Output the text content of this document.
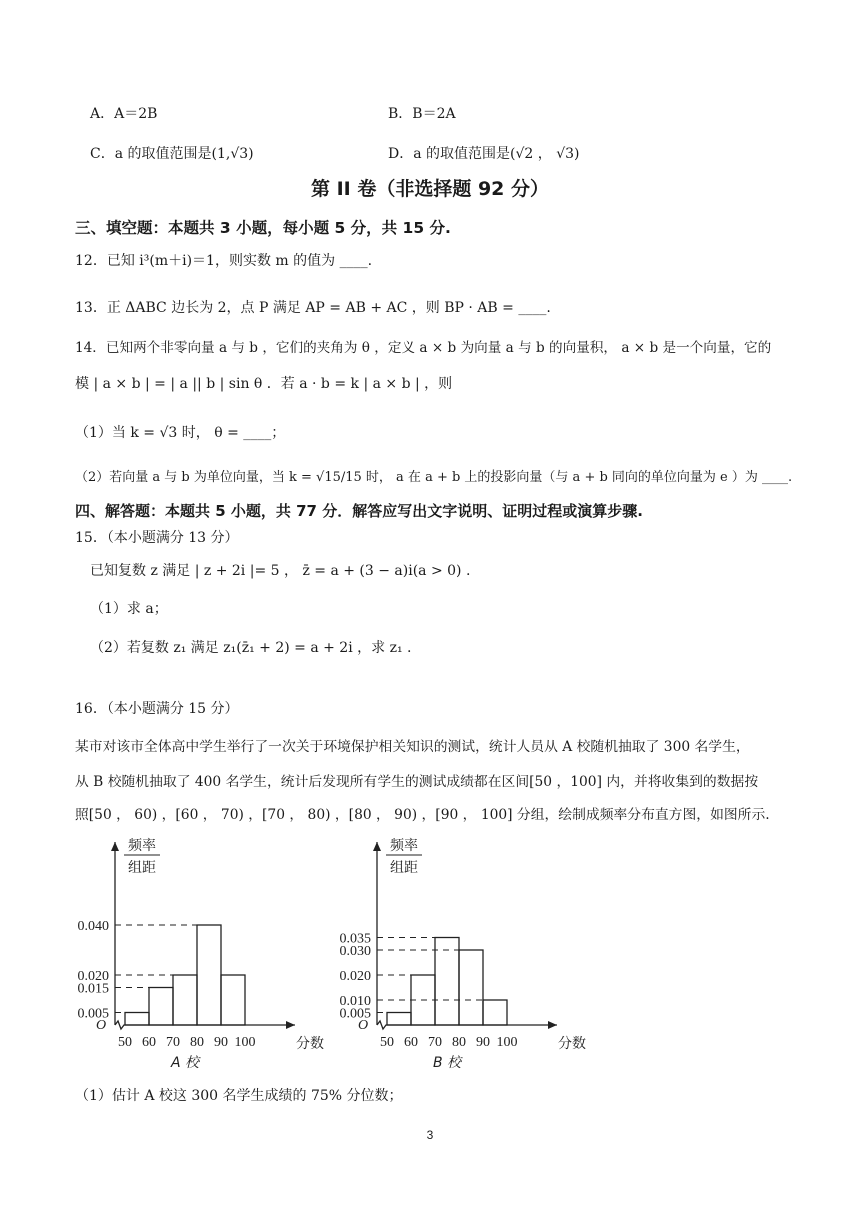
A．A＝2B	B．B＝2A
C．a 的取值范围是(1,√3)	D．a 的取值范围是(√2 ， √3)
第 II 卷（非选择题 92 分）
三、填空题：本题共 3 小题，每小题 5 分，共 15 分.
12．已知 i³(m＋i)＝1，则实数 m 的值为 ____.
13．正 ΔABC 边长为 2，点 P 满足 AP = AB + AC ，则 BP · AB = ____.
14．已知两个非零向量 a 与 b ，它们的夹角为 θ ，定义 a × b 为向量 a 与 b 的向量积， a × b 是一个向量，它的
模 | a × b | = | a || b | sin θ ．若 a · b = k | a × b | ，则
（1）当 k = √3 时， θ = ____；
（2）若向量 a 与 b 为单位向量，当 k = √15/15 时， a 在 a + b 上的投影向量（与 a + b 同向的单位向量为 e ）为 ____.
四、解答题：本题共 5 小题，共 77 分．解答应写出文字说明、证明过程或演算步骤.
15．（本小题满分 13 分）
已知复数 z 满足 | z + 2i |= 5 ， z̄ = a + (3 − a)i(a > 0) .
（1）求 a；
（2）若复数 z₁ 满足 z₁(z̄₁ + 2) = a + 2i ，求 z₁ .
16．（本小题满分 15 分）
某市对该市全体高中学生举行了一次关于环境保护相关知识的测试，统计人员从 A 校随机抽取了 300 名学生，
从 B 校随机抽取了 400 名学生，统计后发现所有学生的测试成绩都在区间[50 ，100] 内，并将收集到的数据按
照[50 ， 60) ，[60 ， 70) ，[70 ， 80) ，[80 ， 90) ，[90 ， 100] 分组，绘制成频率分布直方图，如图所示.
0.040
0.020
0.015
0.005
O
50 60 70 80 90 100	分数
频率
组距
A 校
0.035
0.030
0.020
0.010
0.005
O
50 60 70 80 90 100	分数
频率
组距
B 校
（1）估计 A 校这 300 名学生成绩的 75% 分位数；
3
